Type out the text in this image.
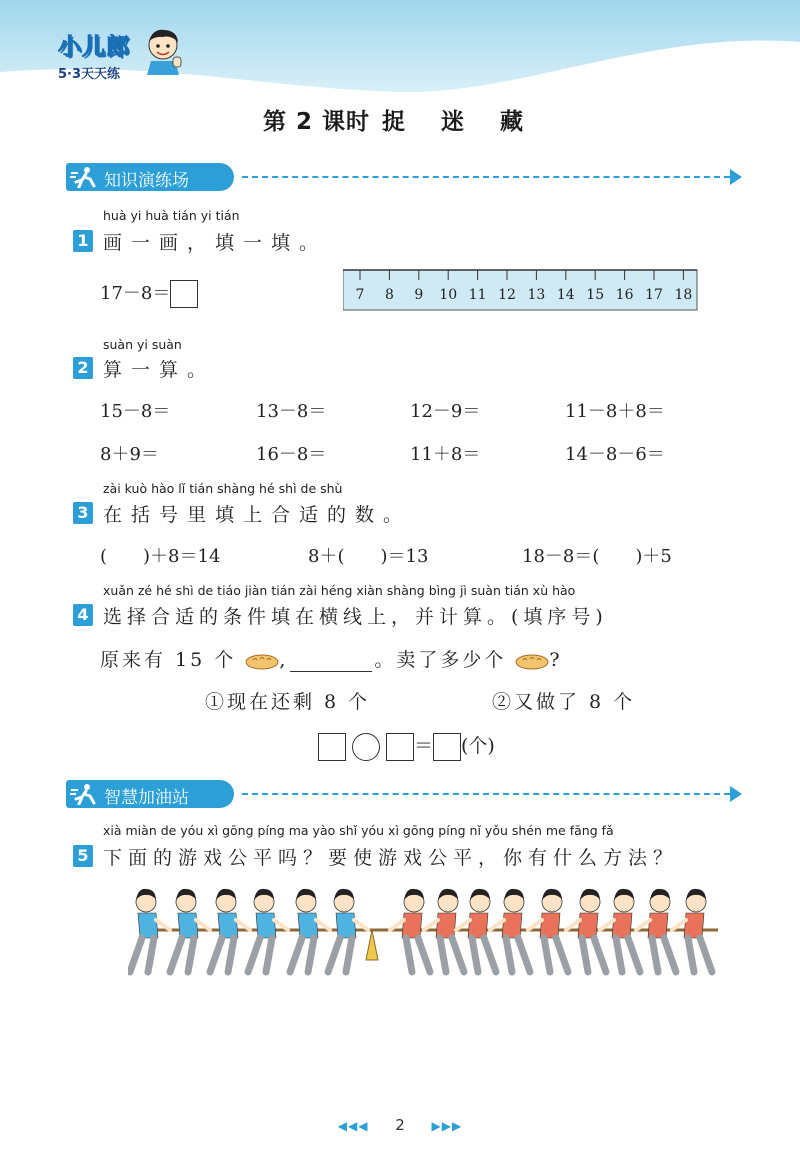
小儿郎
5·3天天练
第 2 课时 捉 迷 藏
知识演练场
huà yi huà tián yi tián
1 画一画，填一填。
17－8＝	7 8 9 10 11 12 13 14 15 16 17 18
suàn yi suàn
2 算一算。
15－8＝	13－8＝	12－9＝	11－8＋8＝
8＋9＝	16－8＝	11＋8＝	14－8－6＝
zài kuò hào lǐ tián shàng hé shì de shù
3 在括号里填上合适的数。
(　　)＋8＝14	8＋(　　)＝13	18－8＝(　　)＋5
xuǎn zé hé shì de tiáo jiàn tián zài héng xiàn shàng bìng jì suàn tián xù hào
4 选择合适的条件填在横线上，并计算。(填序号)
原来有 15 个 ,	。卖了多少个 ?
①现在还剩 8 个	②又做了 8 个
＝ (个)
智慧加油站
xià miàn de yóu xì gōng píng ma yào shǐ yóu xì gōng píng nǐ yǒu shén me fāng fǎ
5 下面的游戏公平吗？要使游戏公平，你有什么方法？
◀◀◀ 2 ▶▶▶
